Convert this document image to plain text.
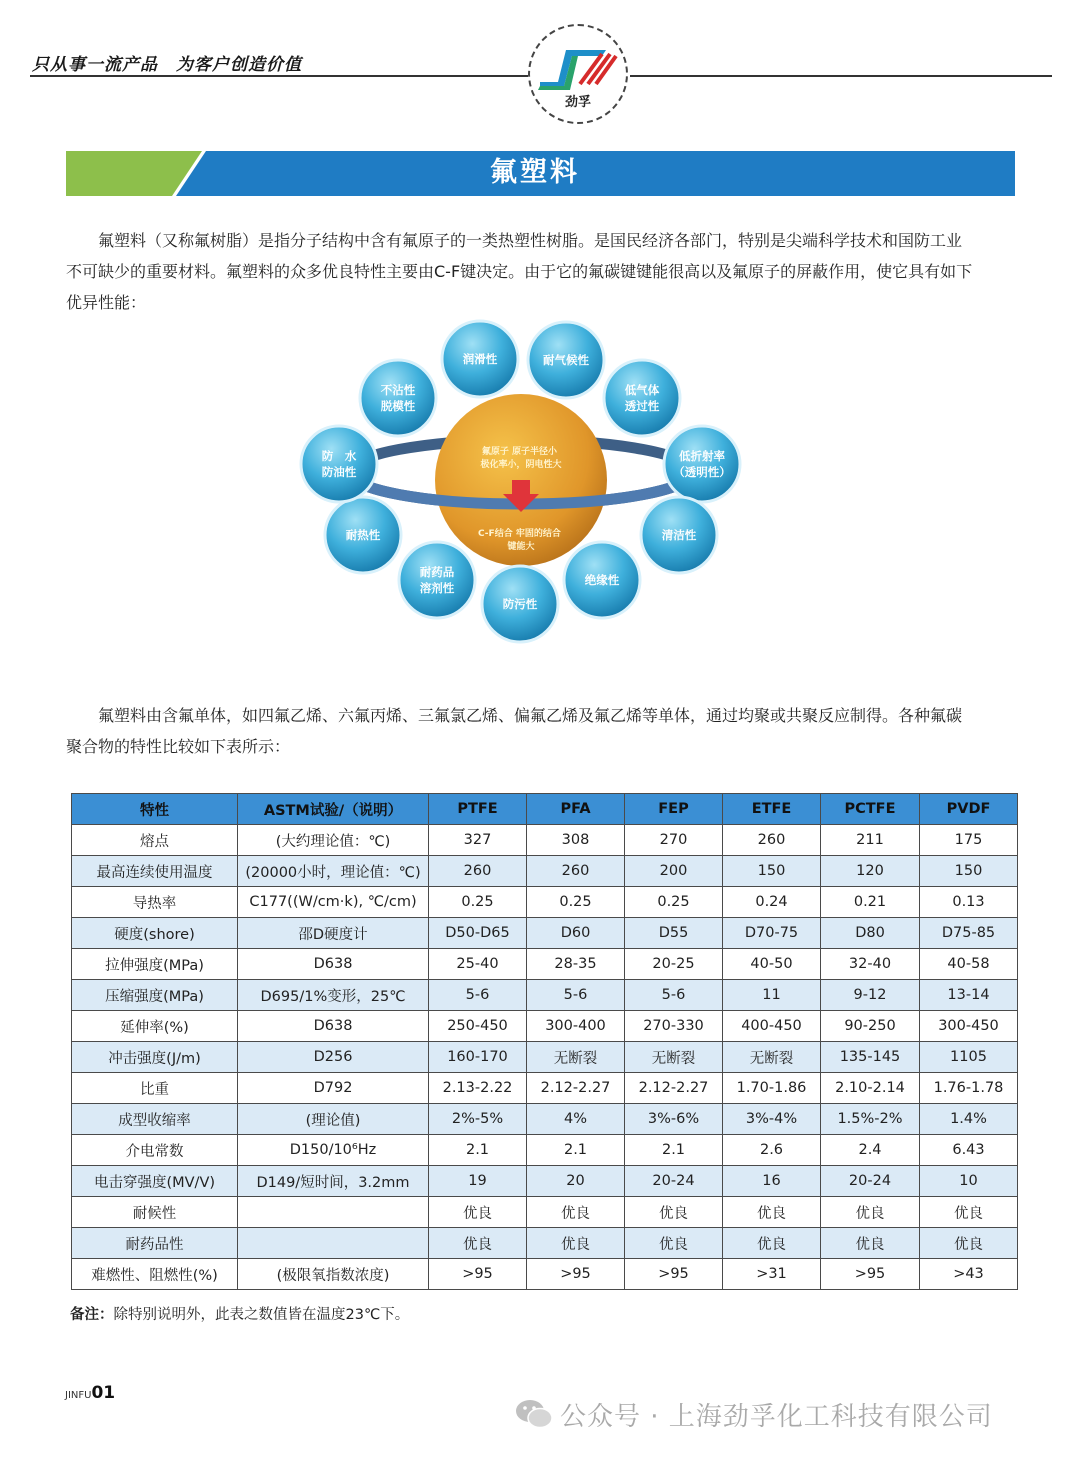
只从事一流产品　为客户创造价值
劲孚
氟塑料

　　氟塑料（又称氟树脂）是指分子结构中含有氟原子的一类热塑性树脂。是国民经济各部门，特别是尖端科学技术和国防工业

不可缺少的重要材料。氟塑料的众多优良特性主要由C-F键决定。由于它的氟碳键键能很高以及氟原子的屏蔽作用，使它具有如下

优异性能：

氟原子 原子半径小 极化率小，阴电性大
C-F结合 牢固的结合 键能大
润滑性	耐气候性
低气体透过性
低折射率（透明性）
清洁性
绝缘性
防污性
耐药品溶剂性
耐热性
防　水防油性
不沾性脱模性

　　氟塑料由含氟单体，如四氟乙烯、六氟丙烯、三氟氯乙烯、偏氟乙烯及氟乙烯等单体，通过均聚或共聚反应制得。各种氟碳

聚合物的特性比较如下表所示：

特性	ASTM试验/（说明）	PTFE	PFA	FEP	ETFE	PCTFE	PVDF
熔点	(大约理论值：℃)	327	308	270	260	211	175
最高连续使用温度	(20000小时，理论值：℃)	260	260	200	150	120	150
导热率	C177((W/cm·k), ℃/cm)	0.25	0.25	0.25	0.24	0.21	0.13
硬度(shore)	邵D硬度计	D50-D65	D60	D55	D70-75	D80	D75-85
拉伸强度(MPa)	D638	25-40	28-35	20-25	40-50	32-40	40-58
压缩强度(MPa)	D695/1%变形，25℃	5-6	5-6	5-6	11	9-12	13-14
延伸率(%)	D638	250-450	300-400	270-330	400-450	90-250	300-450
冲击强度(J/m)	D256	160-170	无断裂	无断裂	无断裂	135-145	1105
比重	D792	2.13-2.22	2.12-2.27	2.12-2.27	1.70-1.86	2.10-2.14	1.76-1.78
成型收缩率	(理论值)	2%-5%	4%	3%-6%	3%-4%	1.5%-2%	1.4%
介电常数	D150/10⁶Hz	2.1	2.1	2.1	2.6	2.4	6.43
电击穿强度(MV/V)	D149/短时间，3.2mm	19	20	20-24	16	20-24	10
耐候性		优良	优良	优良	优良	优良	优良
耐药品性		优良	优良	优良	优良	优良	优良
难燃性、阻燃性(%)	(极限氧指数浓度)	>95	>95	>95	>31	>95	>43
备注：除特别说明外，此表之数值皆在温度23℃下。
JINFU01
公众号 · 上海劲孚化工科技有限公司
